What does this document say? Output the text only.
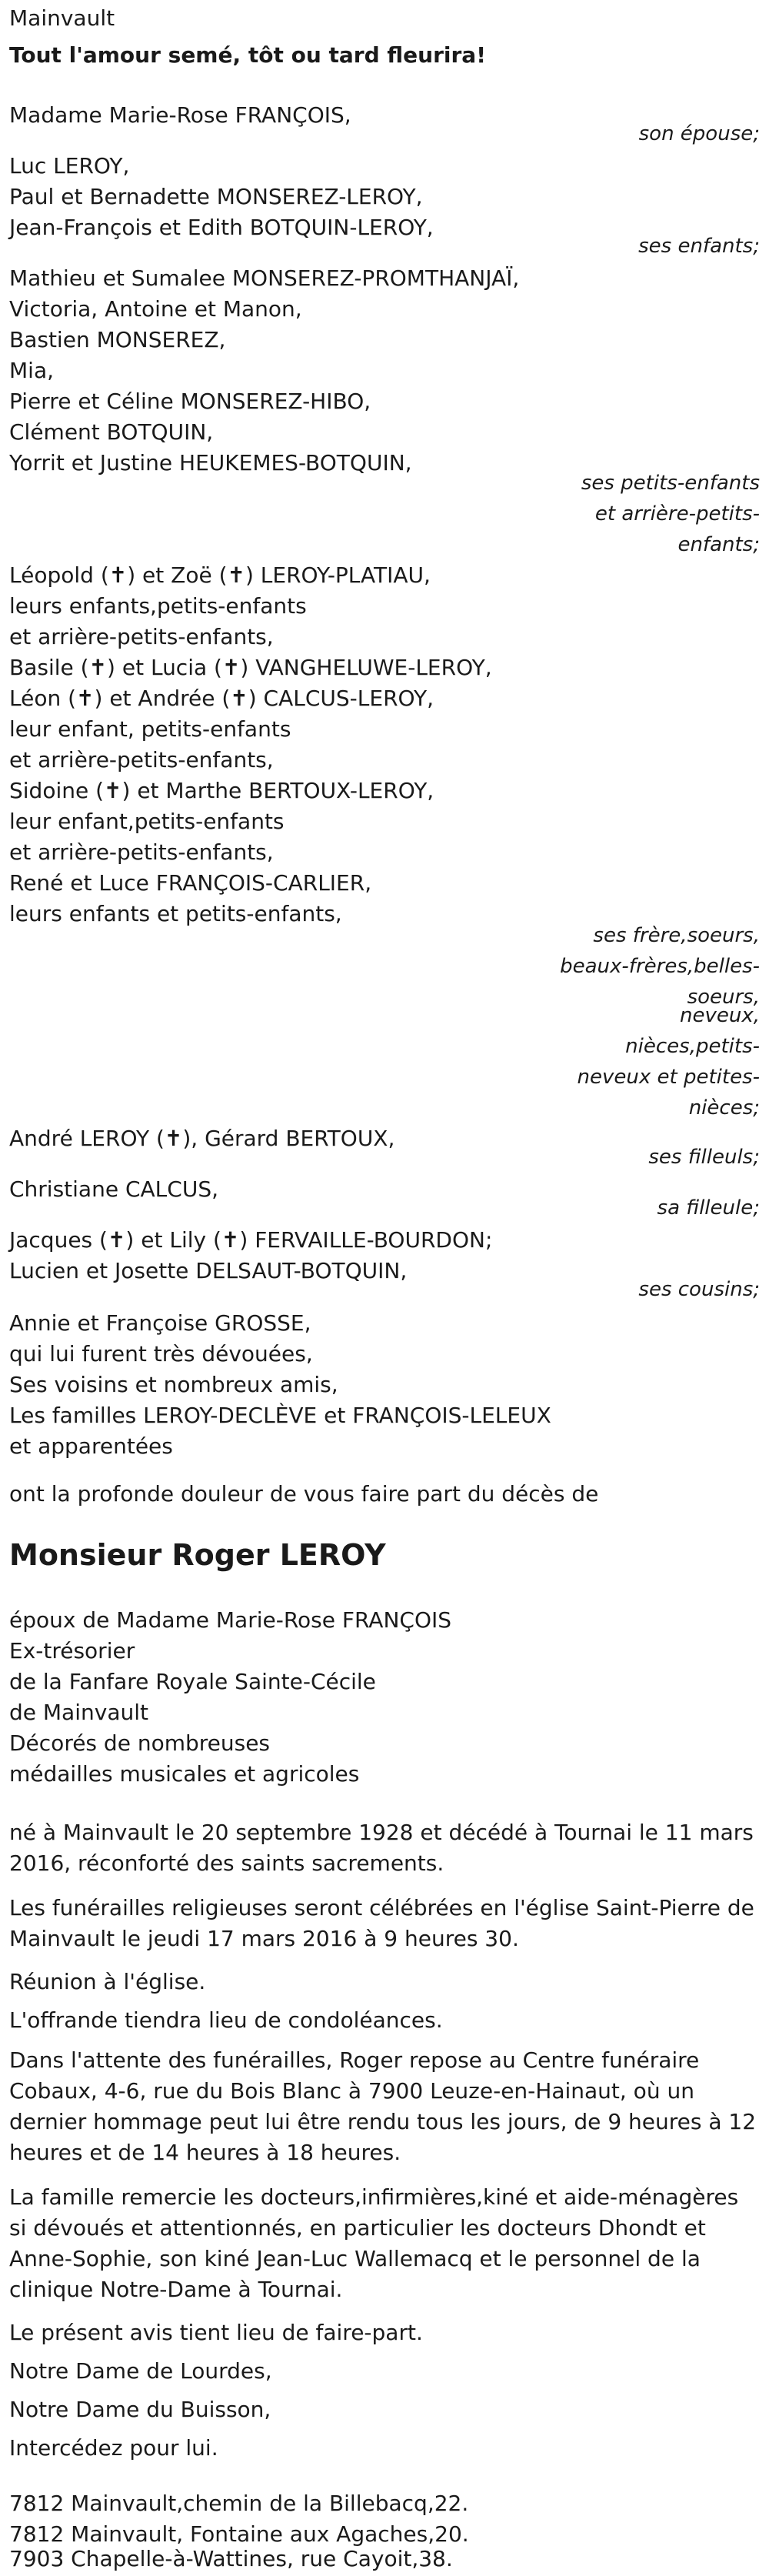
Mainvault
Tout l'amour semé, tôt ou tard fleurira!
Madame Marie-Rose FRANÇOIS,
son épouse;
Luc LEROY,
Paul et Bernadette MONSEREZ-LEROY,
Jean-François et Edith BOTQUIN-LEROY,
ses enfants;
Mathieu et Sumalee MONSEREZ-PROMTHANJAÏ,
Victoria, Antoine et Manon,
Bastien MONSEREZ,
Mia,
Pierre et Céline MONSEREZ-HIBO,
Clément BOTQUIN,
Yorrit et Justine HEUKEMES-BOTQUIN,
ses petits-enfants
et arrière-petits-
enfants;
Léopold (✝) et Zoë (✝) LEROY-PLATIAU,
leurs enfants,petits-enfants
et arrière-petits-enfants,
Basile (✝) et Lucia (✝) VANGHELUWE-LEROY,
Léon (✝) et Andrée (✝) CALCUS-LEROY,
leur enfant, petits-enfants
et arrière-petits-enfants,
Sidoine (✝) et Marthe BERTOUX-LEROY,
leur enfant,petits-enfants
et arrière-petits-enfants,
René et Luce FRANÇOIS-CARLIER,
leurs enfants et petits-enfants,
ses frère,soeurs,
beaux-frères,belles-
soeurs,
neveux,
nièces,petits-
neveux et petites-
nièces;
André LEROY (✝), Gérard BERTOUX,
ses filleuls;
Christiane CALCUS,
sa filleule;
Jacques (✝) et Lily (✝) FERVAILLE-BOURDON;
Lucien et Josette DELSAUT-BOTQUIN,
ses cousins;
Annie et Françoise GROSSE,
qui lui furent très dévouées,
Ses voisins et nombreux amis,
Les familles LEROY-DECLÈVE et FRANÇOIS-LELEUX
et apparentées
ont la profonde douleur de vous faire part du décès de
Monsieur Roger LEROY
époux de Madame Marie-Rose FRANÇOIS
Ex-trésorier
de la Fanfare Royale Sainte-Cécile
de Mainvault
Décorés de nombreuses
médailles musicales et agricoles
né à Mainvault le 20 septembre 1928 et décédé à Tournai le 11 mars 2016, réconforté des saints sacrements.
Les funérailles religieuses seront célébrées en l'église Saint-Pierre de Mainvault le jeudi 17 mars 2016 à 9 heures 30.
Réunion à l'église.
L'offrande tiendra lieu de condoléances.
Dans l'attente des funérailles, Roger repose au Centre funéraire Cobaux, 4-6, rue du Bois Blanc à 7900 Leuze-en-Hainaut, où un dernier hommage peut lui être rendu tous les jours, de 9 heures à 12 heures et de 14 heures à 18 heures.
La famille remercie les docteurs,infirmières,kiné et aide-ménagères si dévoués et attentionnés, en particulier les docteurs Dhondt et Anne-Sophie, son kiné Jean-Luc Wallemacq et le personnel de la clinique Notre-Dame à Tournai.
Le présent avis tient lieu de faire-part.
Notre Dame de Lourdes,
Notre Dame du Buisson,
Intercédez pour lui.
7812 Mainvault,chemin de la Billebacq,22.
7812 Mainvault, Fontaine aux Agaches,20.
7903 Chapelle-à-Wattines, rue Cayoit,38.
